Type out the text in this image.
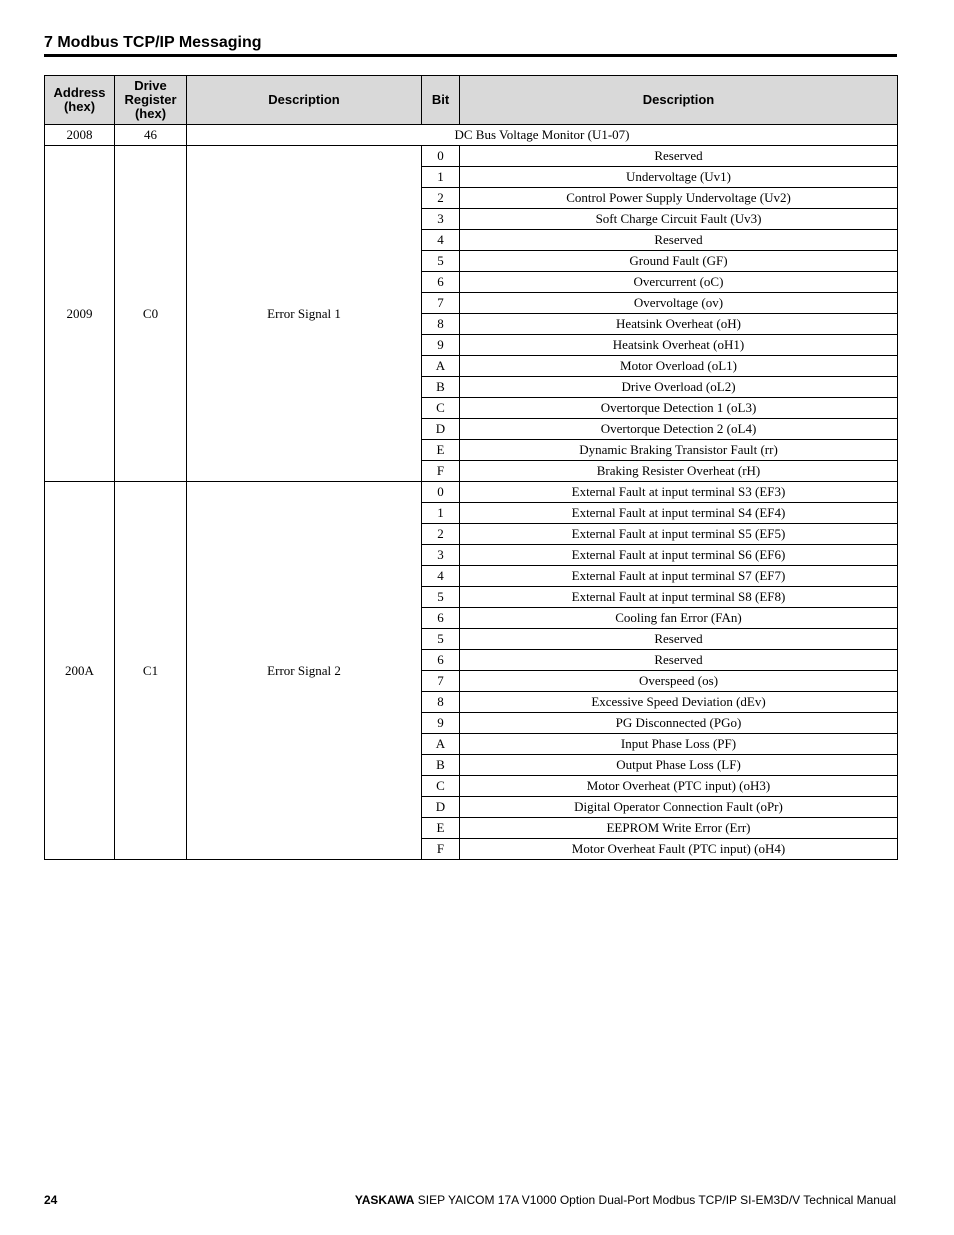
7 Modbus TCP/IP Messaging
Address (hex)	Drive Register (hex)	Description	Bit	Description
2008	46	DC Bus Voltage Monitor (U1-07)		
2009	C0	Error Signal 1	0	Reserved
			1	Undervoltage (Uv1)
			2	Control Power Supply Undervoltage (Uv2)
			3	Soft Charge Circuit Fault (Uv3)
			4	Reserved
			5	Ground Fault (GF)
			6	Overcurrent (oC)
			7	Overvoltage (ov)
			8	Heatsink Overheat (oH)
			9	Heatsink Overheat (oH1)
			A	Motor Overload (oL1)
			B	Drive Overload (oL2)
			C	Overtorque Detection 1 (oL3)
			D	Overtorque Detection 2 (oL4)
			E	Dynamic Braking Transistor Fault (rr)
			F	Braking Resister Overheat (rH)
200A	C1	Error Signal 2	0	External Fault at input terminal S3 (EF3)
			1	External Fault at input terminal S4 (EF4)
			2	External Fault at input terminal S5 (EF5)
			3	External Fault at input terminal S6 (EF6)
			4	External Fault at input terminal S7 (EF7)
			5	External Fault at input terminal S8 (EF8)
			6	Cooling fan Error (FAn)
			5	Reserved
			6	Reserved
			7	Overspeed (os)
			8	Excessive Speed Deviation (dEv)
			9	PG Disconnected (PGo)
			A	Input Phase Loss (PF)
			B	Output Phase Loss (LF)
			C	Motor Overheat (PTC input) (oH3)
			D	Digital Operator Connection Fault (oPr)
			E	EEPROM Write Error (Err)
			F	Motor Overheat Fault (PTC input) (oH4)
24	YASKAWA SIEP YAICOM 17A V1000 Option Dual-Port Modbus TCP/IP SI-EM3D/V Technical Manual
